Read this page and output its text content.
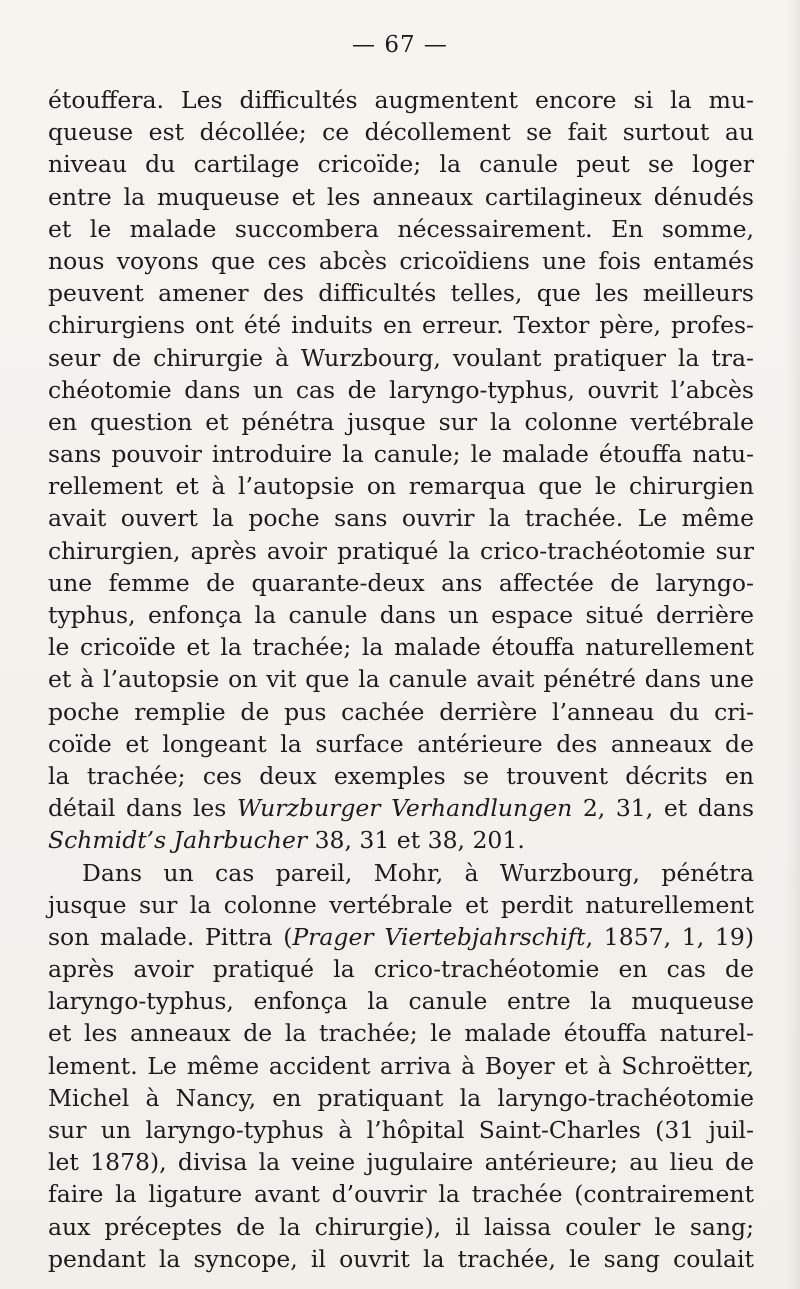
— 67 —
étouffera. Les difficultés augmentent encore si la mu-
queuse est décollée; ce décollement se fait surtout au
niveau du cartilage cricoïde; la canule peut se loger
entre la muqueuse et les anneaux cartilagineux dénudés
et le malade succombera nécessairement. En somme,
nous voyons que ces abcès cricoïdiens une fois entamés
peuvent amener des difficultés telles, que les meilleurs
chirurgiens ont été induits en erreur. Textor père, profes-
seur de chirurgie à Wurzbourg, voulant pratiquer la tra-
chéotomie dans un cas de laryngo-typhus, ouvrit l’abcès
en question et pénétra jusque sur la colonne vertébrale
sans pouvoir introduire la canule; le malade étouffa natu-
rellement et à l’autopsie on remarqua que le chirurgien
avait ouvert la poche sans ouvrir la trachée. Le même
chirurgien, après avoir pratiqué la crico-trachéotomie sur
une femme de quarante-deux ans affectée de laryngo-
typhus, enfonça la canule dans un espace situé derrière
le cricoïde et la trachée; la malade étouffa naturellement
et à l’autopsie on vit que la canule avait pénétré dans une
poche remplie de pus cachée derrière l’anneau du cri-
coïde et longeant la surface antérieure des anneaux de
la trachée; ces deux exemples se trouvent décrits en
détail dans les Wurzburger Verhandlungen 2, 31, et dans
Schmidt’s Jahrbucher 38, 31 et 38, 201.
Dans un cas pareil, Mohr, à Wurzbourg, pénétra
jusque sur la colonne vertébrale et perdit naturellement
son malade. Pittra (Prager Viertebjahrschift, 1857, 1, 19)
après avoir pratiqué la crico-trachéotomie en cas de
laryngo-typhus, enfonça la canule entre la muqueuse
et les anneaux de la trachée; le malade étouffa naturel-
lement. Le même accident arriva à Boyer et à Schroëtter,
Michel à Nancy, en pratiquant la laryngo-trachéotomie
sur un laryngo-typhus à l’hôpital Saint-Charles (31 juil-
let 1878), divisa la veine jugulaire antérieure; au lieu de
faire la ligature avant d’ouvrir la trachée (contrairement
aux préceptes de la chirurgie), il laissa couler le sang;
pendant la syncope, il ouvrit la trachée, le sang coulait
